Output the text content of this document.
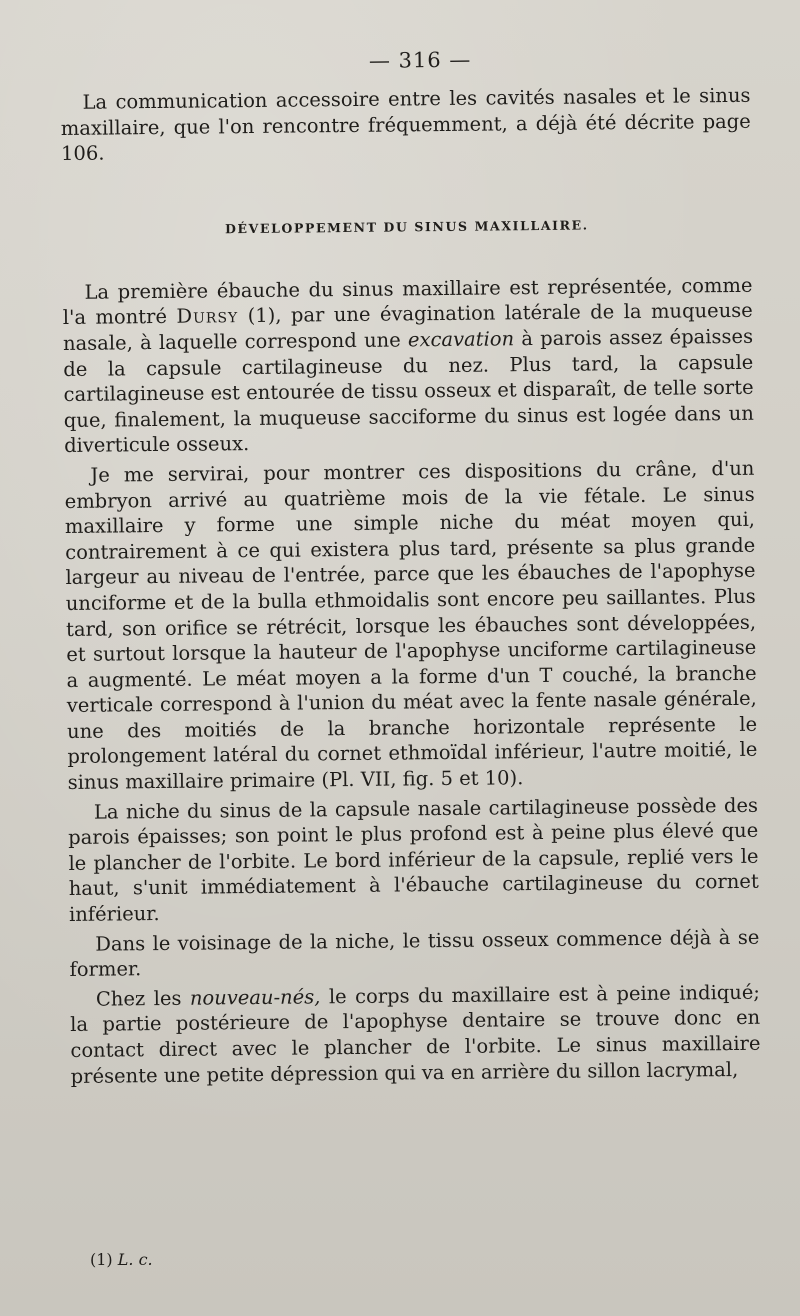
— 316 —

La communication accessoire entre les cavités nasales et le sinus maxillaire, que l'on rencontre fréquemment, a déjà été décrite page 106.

DÉVELOPPEMENT DU SINUS MAXILLAIRE.

La première ébauche du sinus maxillaire est représentée, comme l'a montré Dursy (1), par une évagination latérale de la muqueuse nasale, à laquelle correspond une excavation à parois assez épaisses de la capsule cartilagineuse du nez. Plus tard, la capsule cartilagineuse est entourée de tissu osseux et disparaît, de telle sorte que, finalement, la muqueuse sacciforme du sinus est logée dans un diverticule osseux.

Je me servirai, pour montrer ces dispositions du crâne, d'un embryon arrivé au quatrième mois de la vie fétale. Le sinus maxillaire y forme une simple niche du méat moyen qui, contrairement à ce qui existera plus tard, présente sa plus grande largeur au niveau de l'entrée, parce que les ébauches de l'apophyse unciforme et de la bulla ethmoidalis sont encore peu saillantes. Plus tard, son orifice se rétrécit, lorsque les ébauches sont développées, et surtout lorsque la hauteur de l'apophyse unciforme cartilagineuse a augmenté. Le méat moyen a la forme d'un T couché, la branche verticale correspond à l'union du méat avec la fente nasale générale, une des moitiés de la branche horizontale représente le prolongement latéral du cornet ethmoïdal inférieur, l'autre moitié, le sinus maxillaire primaire (Pl. VII, fig. 5 et 10).

La niche du sinus de la capsule nasale cartilagineuse possède des parois épaisses; son point le plus profond est à peine plus élevé que le plancher de l'orbite. Le bord inférieur de la capsule, replié vers le haut, s'unit immédiatement à l'ébauche cartilagineuse du cornet inférieur.

Dans le voisinage de la niche, le tissu osseux commence déjà à se former.

Chez les nouveau-nés, le corps du maxillaire est à peine indiqué; la partie postérieure de l'apophyse dentaire se trouve donc en contact direct avec le plancher de l'orbite. Le sinus maxillaire présente une petite dépression qui va en arrière du sillon lacrymal,

(1) L. c.
